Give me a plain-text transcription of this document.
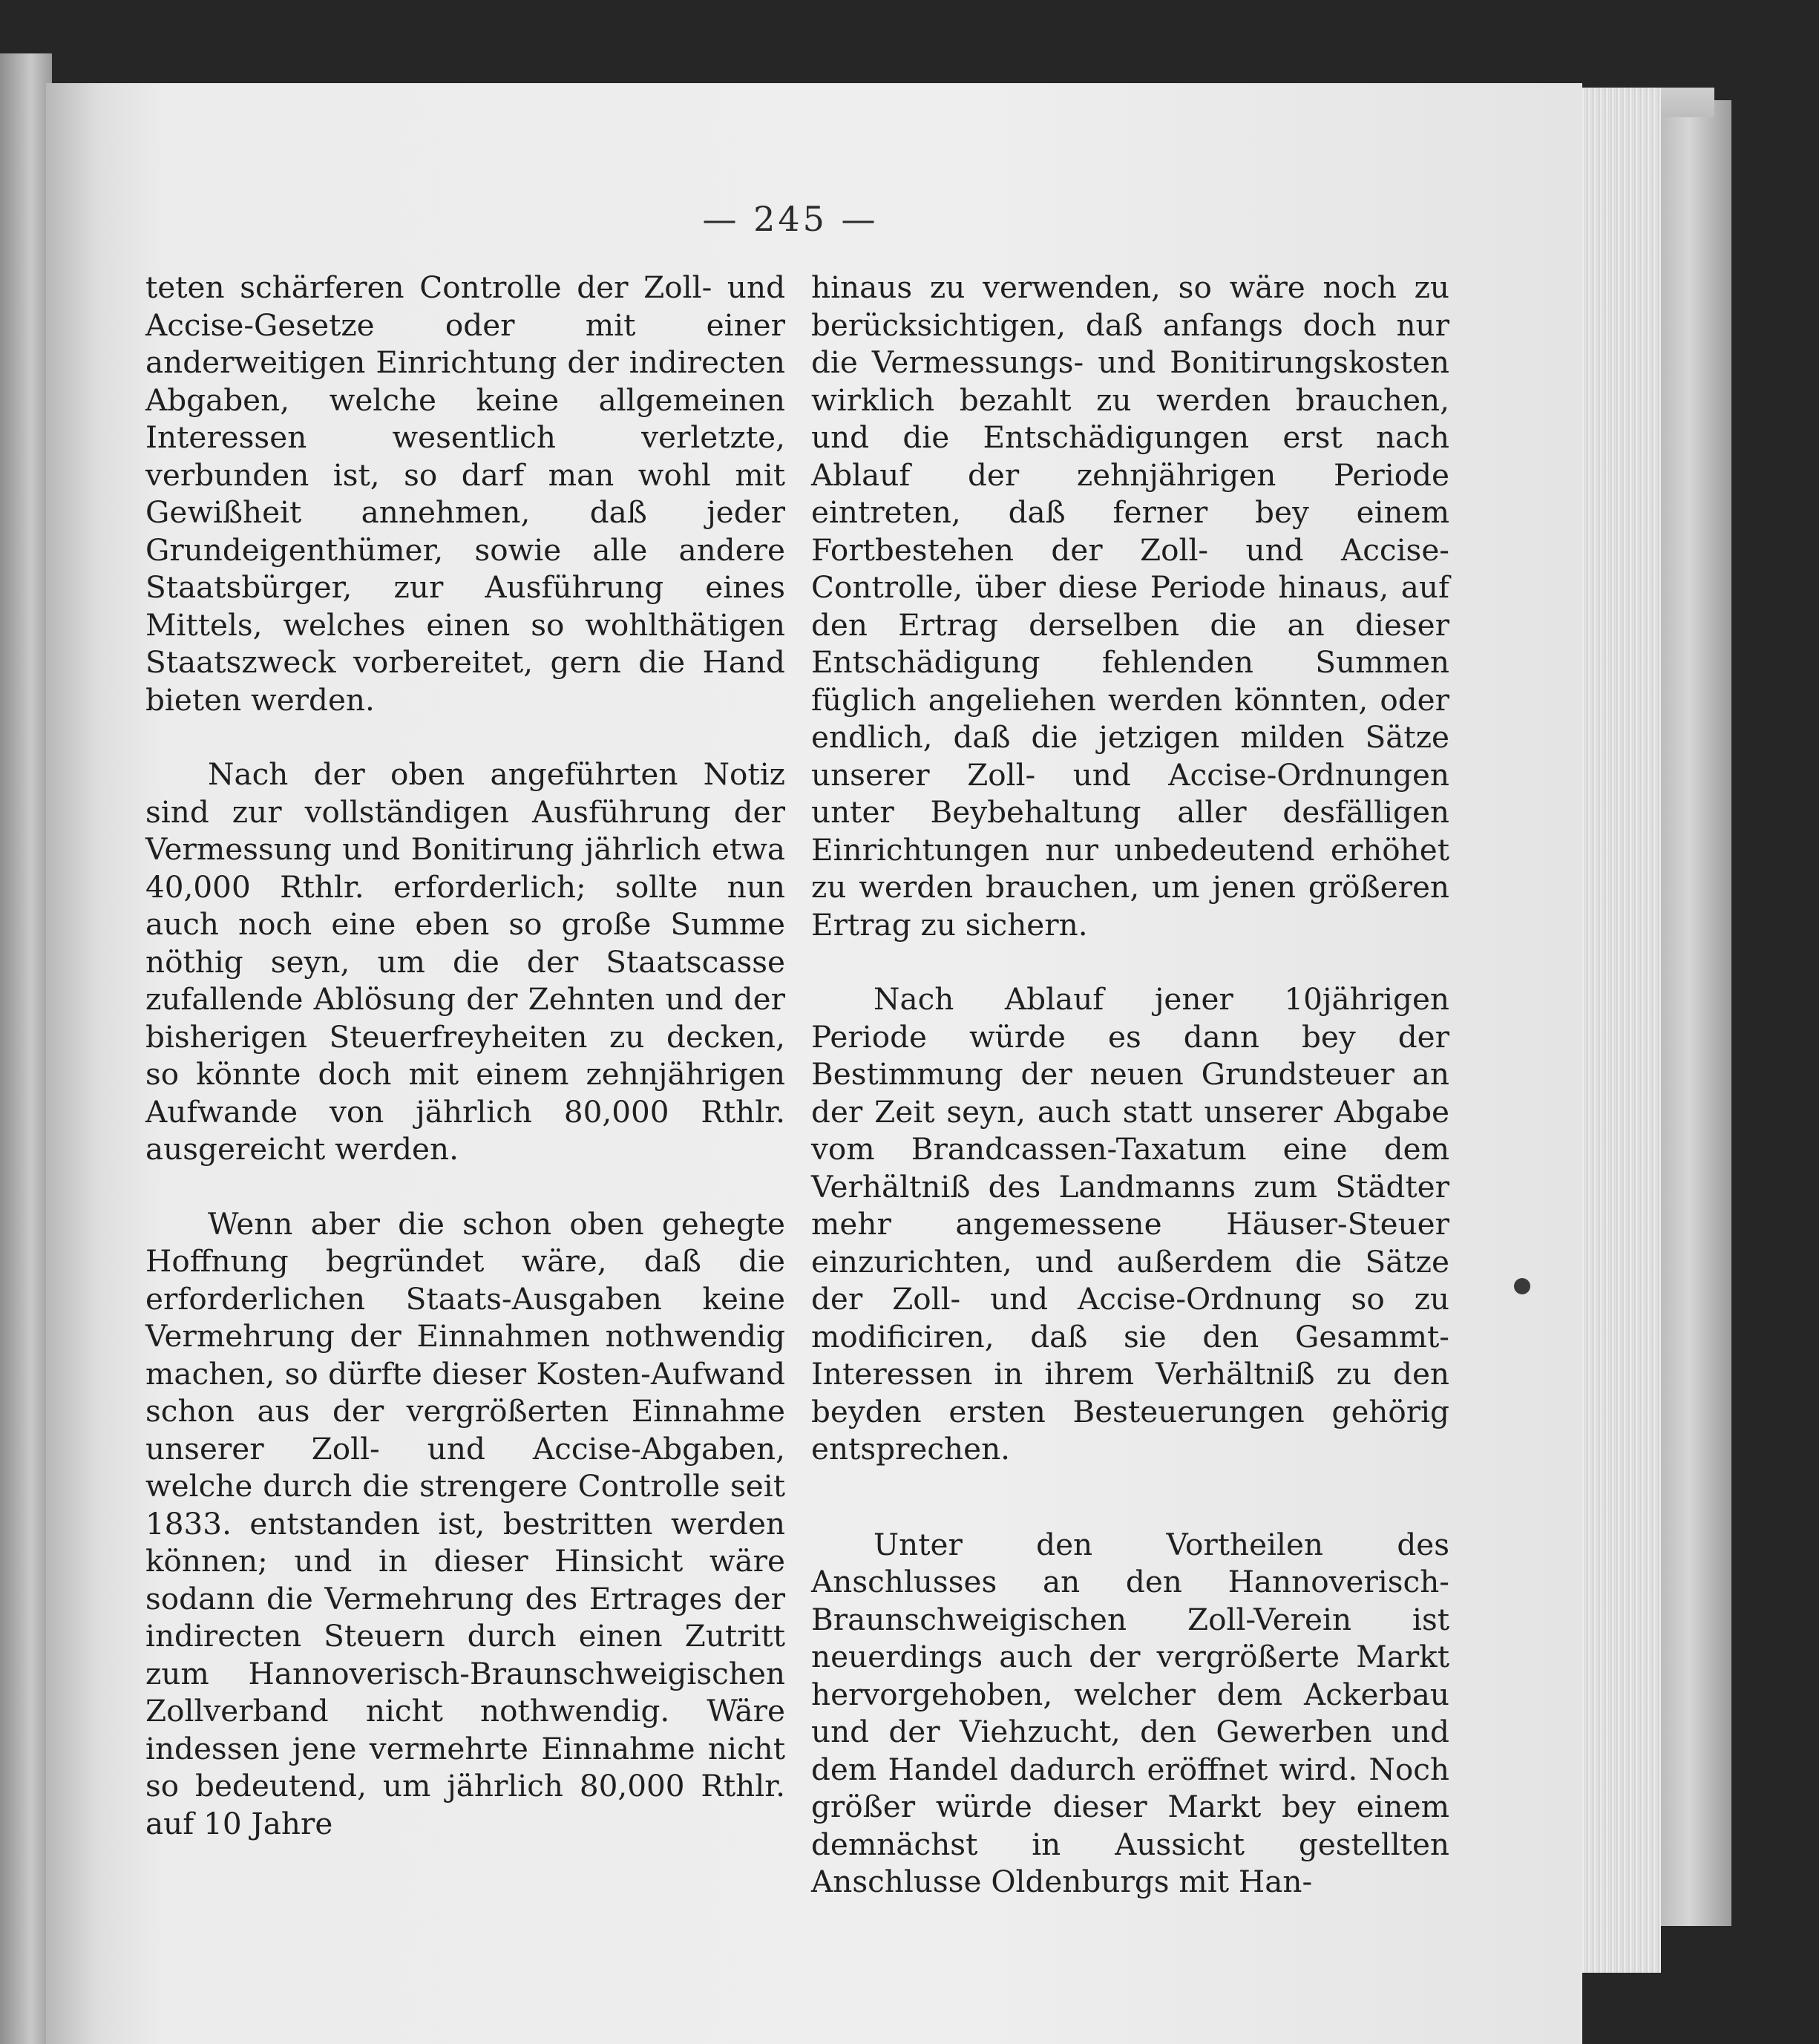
— 245 —

teten schärferen Controlle der Zoll- und Accise-Gesetze oder mit einer anderweitigen Einrichtung der indirecten Abgaben, welche keine allgemeinen Interessen wesentlich verletzte, verbunden ist, so darf man wohl mit Gewißheit annehmen, daß jeder Grundeigenthümer, sowie alle andere Staatsbürger, zur Ausführung eines Mittels, welches einen so wohlthätigen Staatszweck vorbereitet, gern die Hand bieten werden.

Nach der oben angeführten Notiz sind zur vollständigen Ausführung der Vermessung und Bonitirung jährlich etwa 40,000 Rthlr. erforderlich; sollte nun auch noch eine eben so große Summe nöthig seyn, um die der Staatscasse zufallende Ablösung der Zehnten und der bisherigen Steuerfreyheiten zu decken, so könnte doch mit einem zehnjährigen Aufwande von jährlich 80,000 Rthlr. ausgereicht werden.

Wenn aber die schon oben gehegte Hoffnung begründet wäre, daß die erforderlichen Staats-Ausgaben keine Vermehrung der Einnahmen nothwendig machen, so dürfte dieser Kosten-Aufwand schon aus der vergrößerten Einnahme unserer Zoll- und Accise-Abgaben, welche durch die strengere Controlle seit 1833. entstanden ist, bestritten werden können; und in dieser Hinsicht wäre sodann die Vermehrung des Ertrages der indirecten Steuern durch einen Zutritt zum Hannoverisch-Braunschweigischen Zollverband nicht nothwendig. Wäre indessen jene vermehrte Einnahme nicht so bedeutend, um jährlich 80,000 Rthlr. auf 10 Jahre

hinaus zu verwenden, so wäre noch zu berücksichtigen, daß anfangs doch nur die Vermessungs- und Bonitirungskosten wirklich bezahlt zu werden brauchen, und die Entschädigungen erst nach Ablauf der zehnjährigen Periode eintreten, daß ferner bey einem Fortbestehen der Zoll- und Accise-Controlle, über diese Periode hinaus, auf den Ertrag derselben die an dieser Entschädigung fehlenden Summen füglich angeliehen werden könnten, oder endlich, daß die jetzigen milden Sätze unserer Zoll- und Accise-Ordnungen unter Beybehaltung aller desfälligen Einrichtungen nur unbedeutend erhöhet zu werden brauchen, um jenen größeren Ertrag zu sichern.

Nach Ablauf jener 10jährigen Periode würde es dann bey der Bestimmung der neuen Grundsteuer an der Zeit seyn, auch statt unserer Abgabe vom Brandcassen-Taxatum eine dem Verhältniß des Landmanns zum Städter mehr angemessene Häuser-Steuer einzurichten, und außerdem die Sätze der Zoll- und Accise-Ordnung so zu modificiren, daß sie den Gesammt-Interessen in ihrem Verhältniß zu den beyden ersten Besteuerungen gehörig entsprechen.

Unter den Vortheilen des Anschlusses an den Hannoverisch-Braunschweigischen Zoll-Verein ist neuerdings auch der vergrößerte Markt hervorgehoben, welcher dem Ackerbau und der Viehzucht, den Gewerben und dem Handel dadurch eröffnet wird. Noch größer würde dieser Markt bey einem demnächst in Aussicht gestellten Anschlusse Oldenburgs mit Han-
